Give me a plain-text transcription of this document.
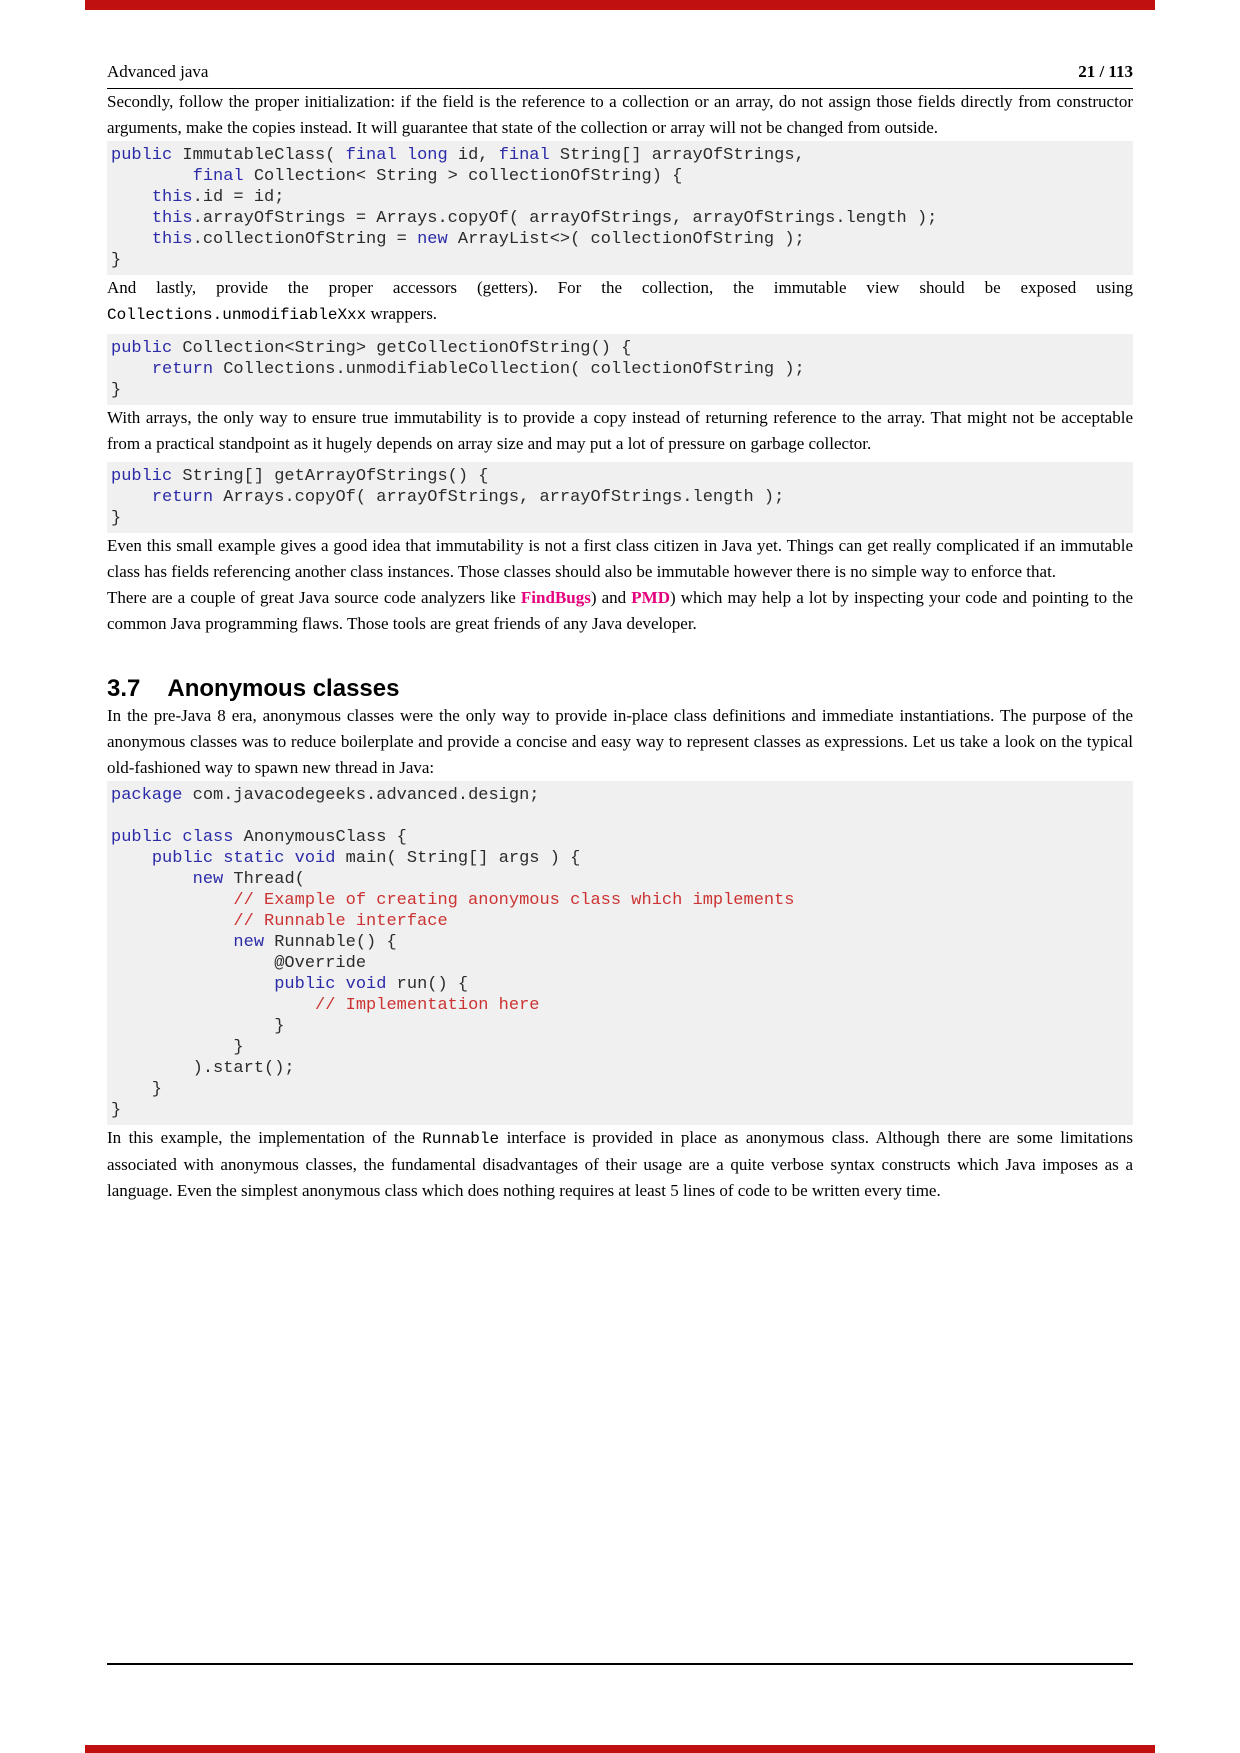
Advanced java	21 / 113

Secondly, follow the proper initialization: if the field is the reference to a collection or an array, do not assign those fields directly from constructor arguments, make the copies instead. It will guarantee that state of the collection or array will not be changed from outside.

public ImmutableClass( final long id, final String[] arrayOfStrings,
final Collection< String > collectionOfString) {
this.id = id;
this.arrayOfStrings = Arrays.copyOf( arrayOfStrings, arrayOfStrings.length );
this.collectionOfString = new ArrayList<>( collectionOfString );
}

And lastly, provide the proper accessors (getters). For the collection, the immutable view should be exposed using Collections.unmodifiableXxx wrappers.

public Collection<String> getCollectionOfString() {
return Collections.unmodifiableCollection( collectionOfString );
}

With arrays, the only way to ensure true immutability is to provide a copy instead of returning reference to the array. That might not be acceptable from a practical standpoint as it hugely depends on array size and may put a lot of pressure on garbage collector.

public String[] getArrayOfStrings() {
return Arrays.copyOf( arrayOfStrings, arrayOfStrings.length );
}

Even this small example gives a good idea that immutability is not a first class citizen in Java yet. Things can get really complicated if an immutable class has fields referencing another class instances. Those classes should also be immutable however there is no simple way to enforce that.

There are a couple of great Java source code analyzers like FindBugs) and PMD) which may help a lot by inspecting your code and pointing to the common Java programming flaws. Those tools are great friends of any Java developer.

3.7 Anonymous classes

In the pre-Java 8 era, anonymous classes were the only way to provide in-place class definitions and immediate instantiations. The purpose of the anonymous classes was to reduce boilerplate and provide a concise and easy way to represent classes as expressions. Let us take a look on the typical old-fashioned way to spawn new thread in Java:

package com.javacodegeeks.advanced.design;

public class AnonymousClass {
public static void main( String[] args ) {
new Thread(
// Example of creating anonymous class which implements
// Runnable interface
new Runnable() {
@Override
public void run() {
// Implementation here
}
}
).start();
}
}

In this example, the implementation of the Runnable interface is provided in place as anonymous class. Although there are some limitations associated with anonymous classes, the fundamental disadvantages of their usage are a quite verbose syntax constructs which Java imposes as a language. Even the simplest anonymous class which does nothing requires at least 5 lines of code to be written every time.
